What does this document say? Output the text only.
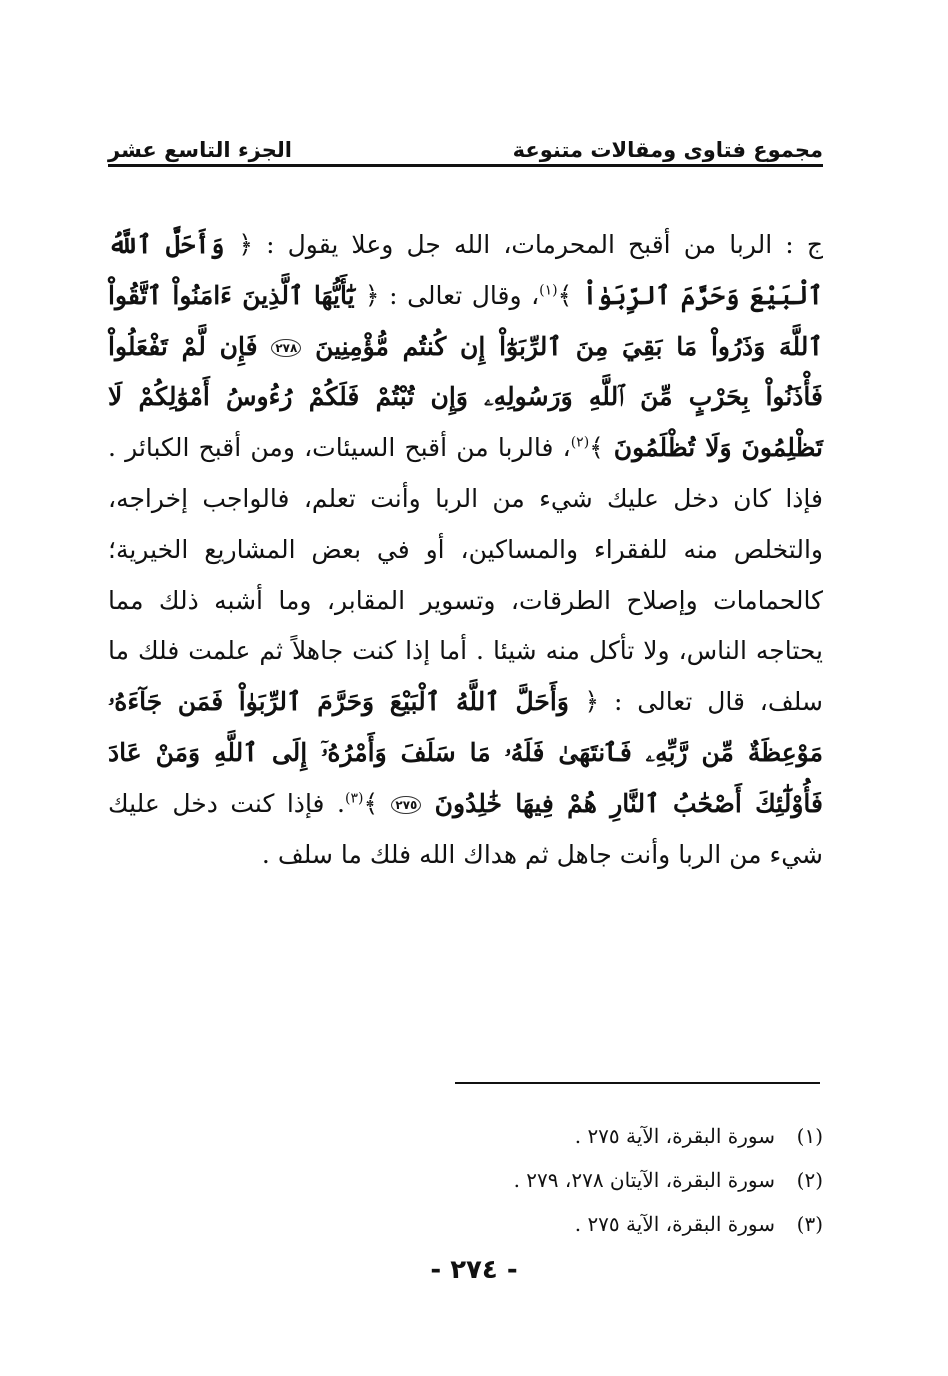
مجموع فتاوى ومقالات متنوعة
الجزء التاسع عشر

ج : الربا من أقبح المحرمات، الله جل وعلا يقول : ﴿ وَأَحَلَّ ٱللَّهُ ٱلْبَيْعَ وَحَرَّمَ ٱلرِّبَوٰاْ ﴾$^{(١)}$، وقال تعالى : ﴿ يَٰٓأَيُّهَا ٱلَّذِينَ ءَامَنُواْ ٱتَّقُواْ ٱللَّهَ وَذَرُواْ مَا بَقِيَ مِنَ ٱلرِّبَوٰٓاْ إِن كُنتُم مُّؤْمِنِينَ ٢٧٨ فَإِن لَّمْ تَفْعَلُواْ فَأْذَنُواْ بِحَرْبٍ مِّنَ ٱللَّهِ وَرَسُولِهِۦ وَإِن تُبْتُمْ فَلَكُمْ رُءُوسُ أَمْوَٰلِكُمْ لَا تَظْلِمُونَ وَلَا تُظْلَمُونَ ﴾$^{(٢)}$، فالربا من أقبح السيئات، ومن أقبح الكبائر . فإذا كان دخل عليك شيء من الربا وأنت تعلم، فالواجب إخراجه، والتخلص منه للفقراء والمساكين، أو في بعض المشاريع الخيرية؛ كالحمامات وإصلاح الطرقات، وتسوير المقابر، وما أشبه ذلك مما يحتاجه الناس، ولا تأكل منه شيئا . أما إذا كنت جاهلاً ثم علمت فلك ما سلف، قال تعالى : ﴿ وَأَحَلَّ ٱللَّهُ ٱلْبَيْعَ وَحَرَّمَ ٱلرِّبَوٰاْ فَمَن جَآءَهُۥ مَوْعِظَةٌ مِّن رَّبِّهِۦ فَٱنتَهَىٰ فَلَهُۥ مَا سَلَفَ وَأَمْرُهُۥٓ إِلَى ٱللَّهِ وَمَنْ عَادَ فَأُوْلَٰٓئِكَ أَصْحَٰبُ ٱلنَّارِ هُمْ فِيهَا خَٰلِدُونَ ٢٧٥ ﴾$^{(٣)}$. فإذا كنت دخل عليك شيء من الربا وأنت جاهل ثم هداك الله فلك ما سلف .

(١)
سورة البقرة، الآية ٢٧٥ .
(٢)
سورة البقرة، الآيتان ٢٧٨، ٢٧٩ .
(٣)
سورة البقرة، الآية ٢٧٥ .
- ٢٧٤ -
